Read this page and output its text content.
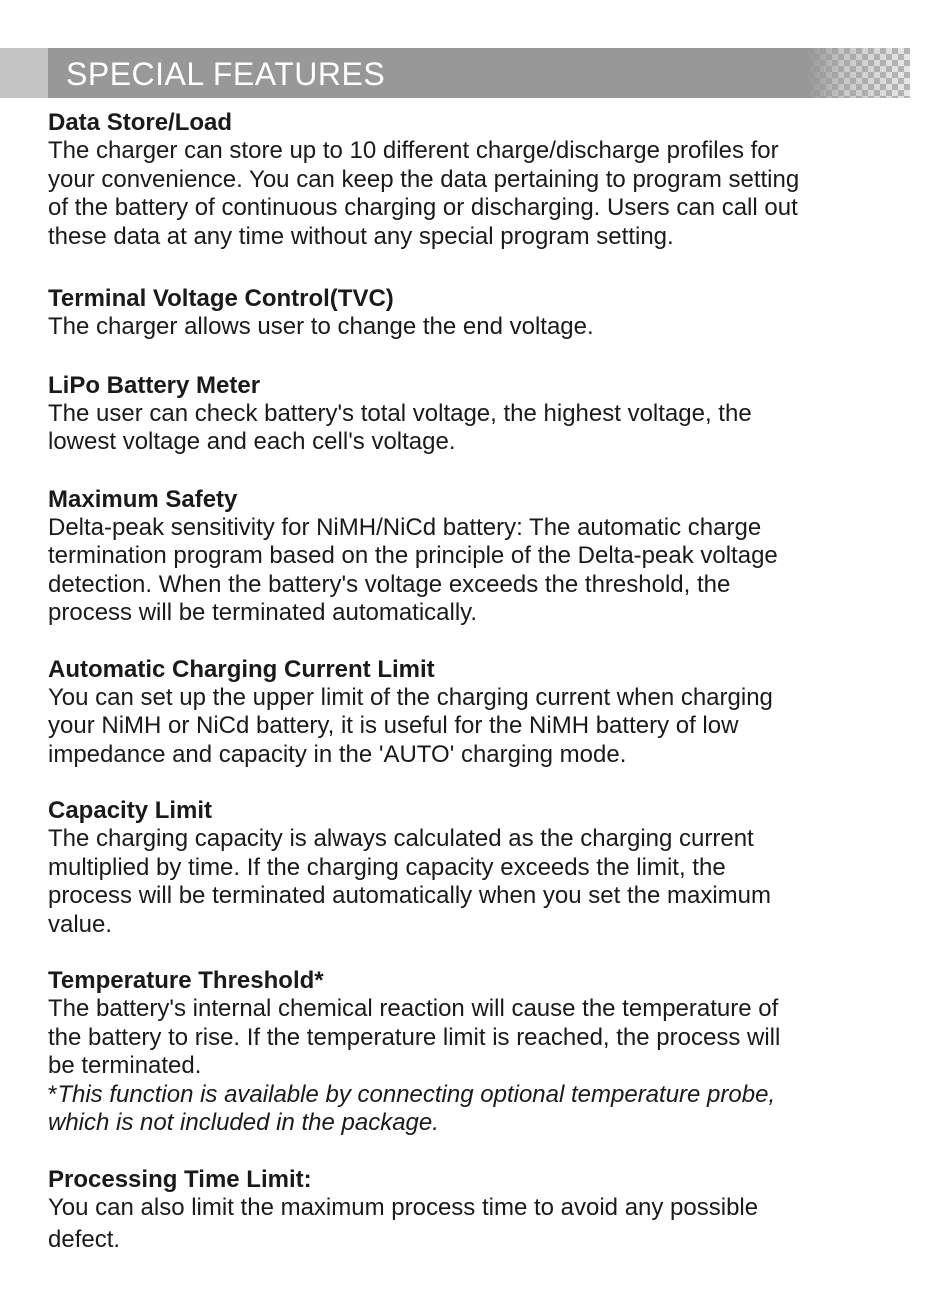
SPECIAL FEATURES
Data Store/Load

The charger can store up to 10 different charge/discharge profiles for

your convenience. You can keep the data pertaining to program setting

of the battery of continuous charging or discharging. Users can call out

these data at any time without any special program setting.

Terminal Voltage Control(TVC)

The charger allows user to change the end voltage.

LiPo Battery Meter

The user can check battery's total voltage, the highest voltage, the

lowest voltage and each cell's voltage.

Maximum Safety

Delta-peak sensitivity for NiMH/NiCd battery: The automatic charge

termination program based on the principle of the Delta-peak voltage

detection. When the battery's voltage exceeds the threshold, the

process will be terminated automatically.

Automatic Charging Current Limit

You can set up the upper limit of the charging current when charging

your NiMH or NiCd battery, it is useful for the NiMH battery of low

impedance and capacity in the 'AUTO' charging mode.

Capacity Limit

The charging capacity is always calculated as the charging current

multiplied by time. If the charging capacity exceeds the limit, the

process will be terminated automatically when you set the maximum

value.

Temperature Threshold*

The battery's internal chemical reaction will cause the temperature of

the battery to rise. If the temperature limit is reached, the process will

be terminated.

*This function is available by connecting optional temperature probe,

which is not included in the package.

Processing Time Limit:

You can also limit the maximum process time to avoid any possible

defect.
